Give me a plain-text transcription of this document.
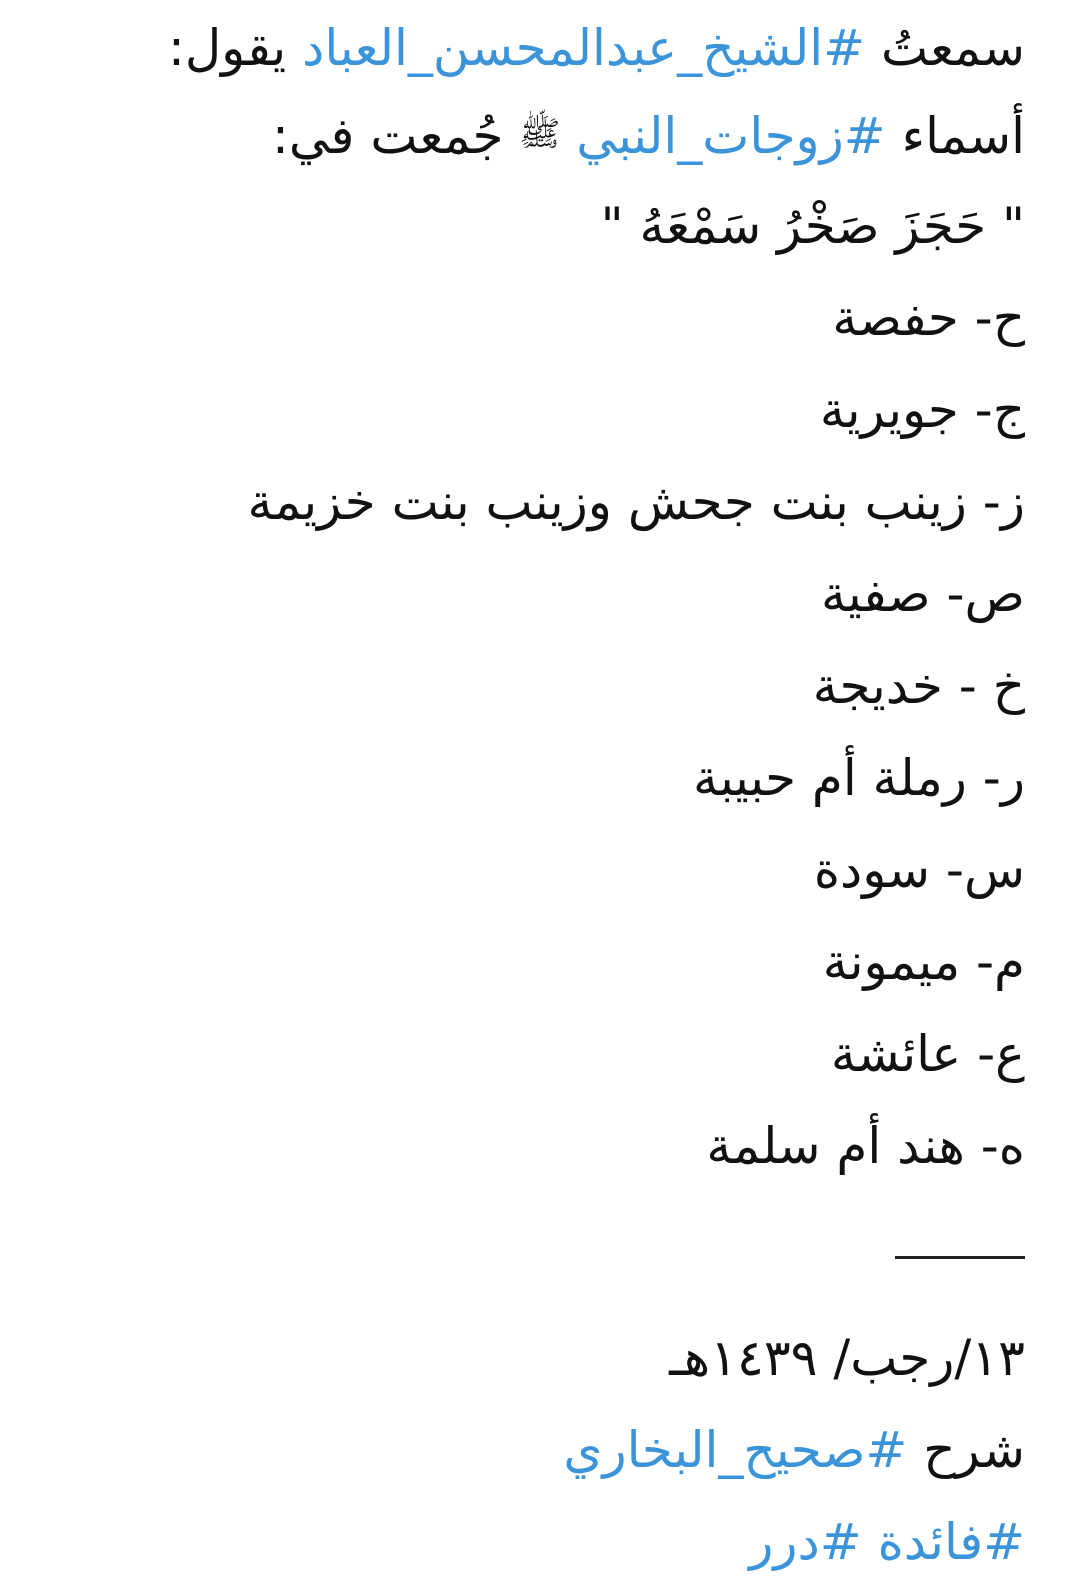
سمعتُ #الشيخ_عبدالمحسن_العباد يقول:
أسماء #زوجات_النبي ﷺ جُمعت في:
" حَجَزَ صَخْرُ سَمْعَهُ "
ح- حفصة
ج- جويرية
ز- زينب بنت جحش وزينب بنت خزيمة
ص- صفية
خ - خديجة
ر- رملة أم حبيبة
س- سودة
م- ميمونة
ع- عائشة
ه- هند أم سلمة
١٣/رجب/ ١٤٣٩هـ
شرح #صحيح_البخاري
#فائدة #درر
